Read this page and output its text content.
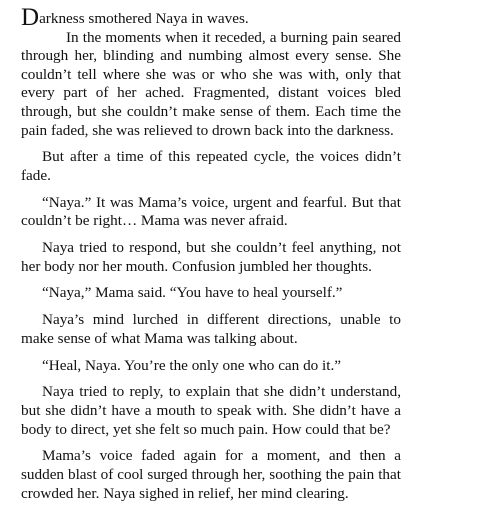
Darkness smothered Naya in waves.

In the moments when it receded, a burning pain seared through her, blinding and numbing almost every sense. She couldn’t tell where she was or who she was with, only that every part of her ached. Fragmented, distant voices bled through, but she couldn’t make sense of them. Each time the pain faded, she was relieved to drown back into the darkness.

But after a time of this repeated cycle, the voices didn’t fade.

“Naya.” It was Mama’s voice, urgent and fearful. But that couldn’t be right… Mama was never afraid.

Naya tried to respond, but she couldn’t feel anything, not her body nor her mouth. Confusion jumbled her thoughts.

“Naya,” Mama said. “You have to heal yourself.”

Naya’s mind lurched in different directions, unable to make sense of what Mama was talking about.

“Heal, Naya. You’re the only one who can do it.”

Naya tried to reply, to explain that she didn’t understand, but she didn’t have a mouth to speak with. She didn’t have a body to direct, yet she felt so much pain. How could that be?

Mama’s voice faded again for a moment, and then a sudden blast of cool surged through her, soothing the pain that crowded her. Naya sighed in relief, her mind clearing.
